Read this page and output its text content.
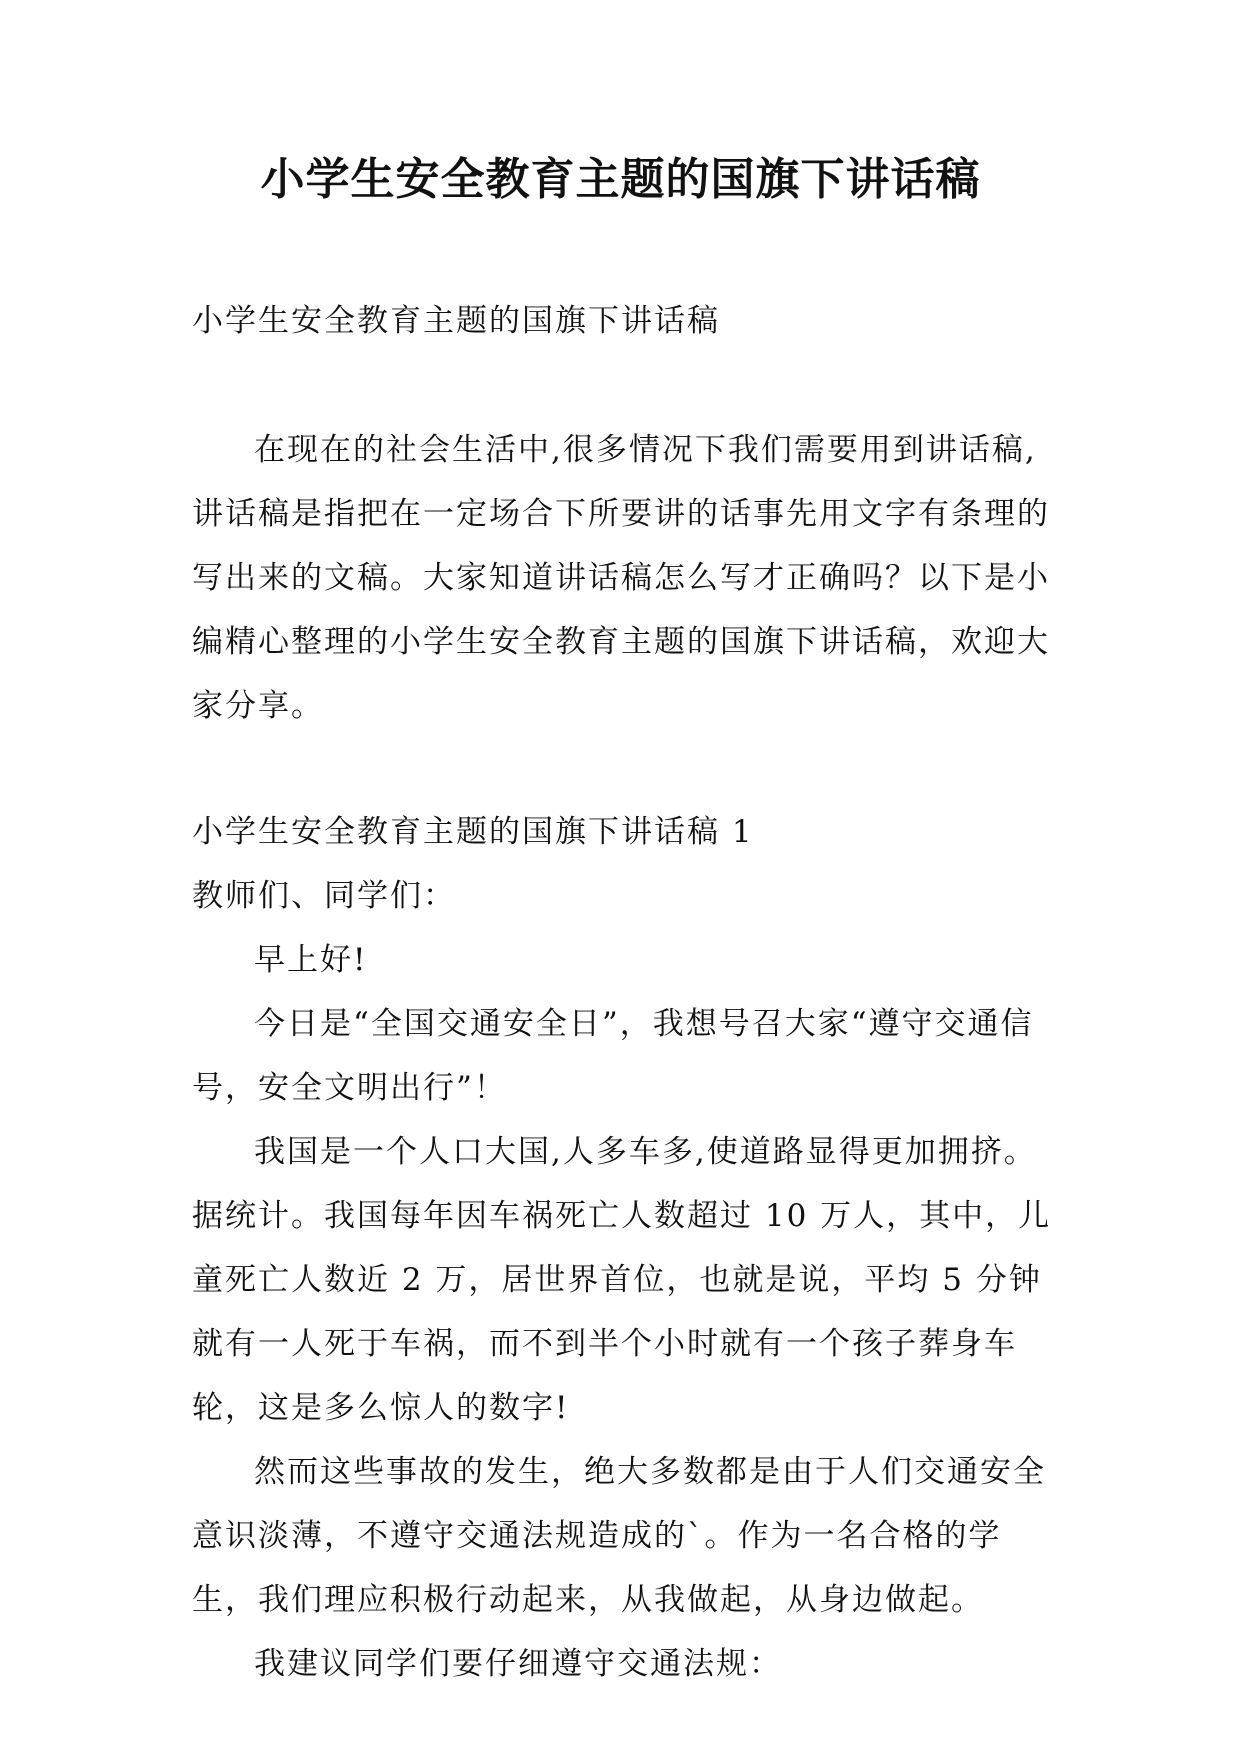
小学生安全教育主题的国旗下讲话稿

小学生安全教育主题的国旗下讲话稿

在现在的社会生活中,很多情况下我们需要用到讲话稿,讲话稿是指把在一定场合下所要讲的话事先用文字有条理的写出来的文稿。大家知道讲话稿怎么写才正确吗？以下是小编精心整理的小学生安全教育主题的国旗下讲话稿，欢迎大家分享。

小学生安全教育主题的国旗下讲话稿 1

教师们、同学们：

早上好!

今日是“全国交通安全日”，我想号召大家“遵守交通信号，安全文明出行”！

我国是一个人口大国,人多车多,使道路显得更加拥挤。据统计。我国每年因车祸死亡人数超过 10 万人，其中，儿童死亡人数近 2 万，居世界首位，也就是说，平均 5 分钟就有一人死于车祸，而不到半个小时就有一个孩子葬身车轮，这是多么惊人的数字!

然而这些事故的发生，绝大多数都是由于人们交通安全意识淡薄，不遵守交通法规造成的`。作为一名合格的学生，我们理应积极行动起来，从我做起，从身边做起。

我建议同学们要仔细遵守交通法规：
